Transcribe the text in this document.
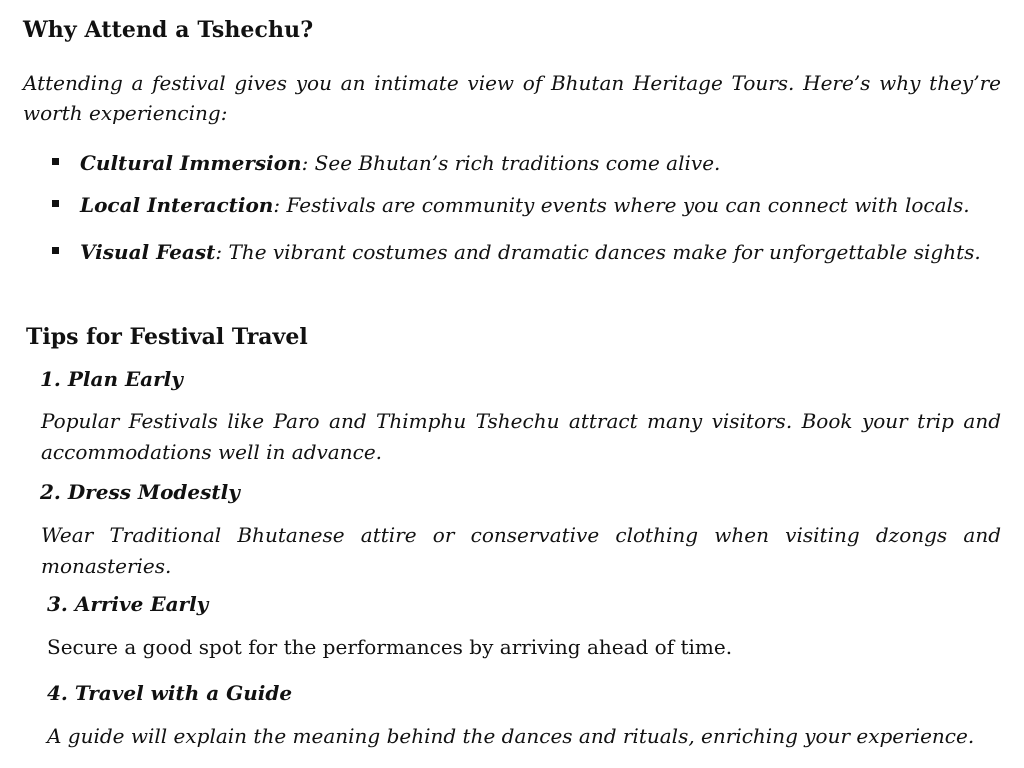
Why Attend a Tshechu?

Attending a festival gives you an intimate view of Bhutan Heritage Tours. Here’s why they’re worth experiencing:

Cultural Immersion: See Bhutan’s rich traditions come alive.
Local Interaction: Festivals are community events where you can connect with locals.
Visual Feast: The vibrant costumes and dramatic dances make for unforgettable sights.
Tips for Festival Travel
1. Plan Early

Popular Festivals like Paro and Thimphu Tshechu attract many visitors. Book your trip and accommodations well in advance.

2. Dress Modestly

Wear Traditional Bhutanese attire or conservative clothing when visiting dzongs and monasteries.

3. Arrive Early

Secure a good spot for the performances by arriving ahead of time.

4. Travel with a Guide

A guide will explain the meaning behind the dances and rituals, enriching your experience.
